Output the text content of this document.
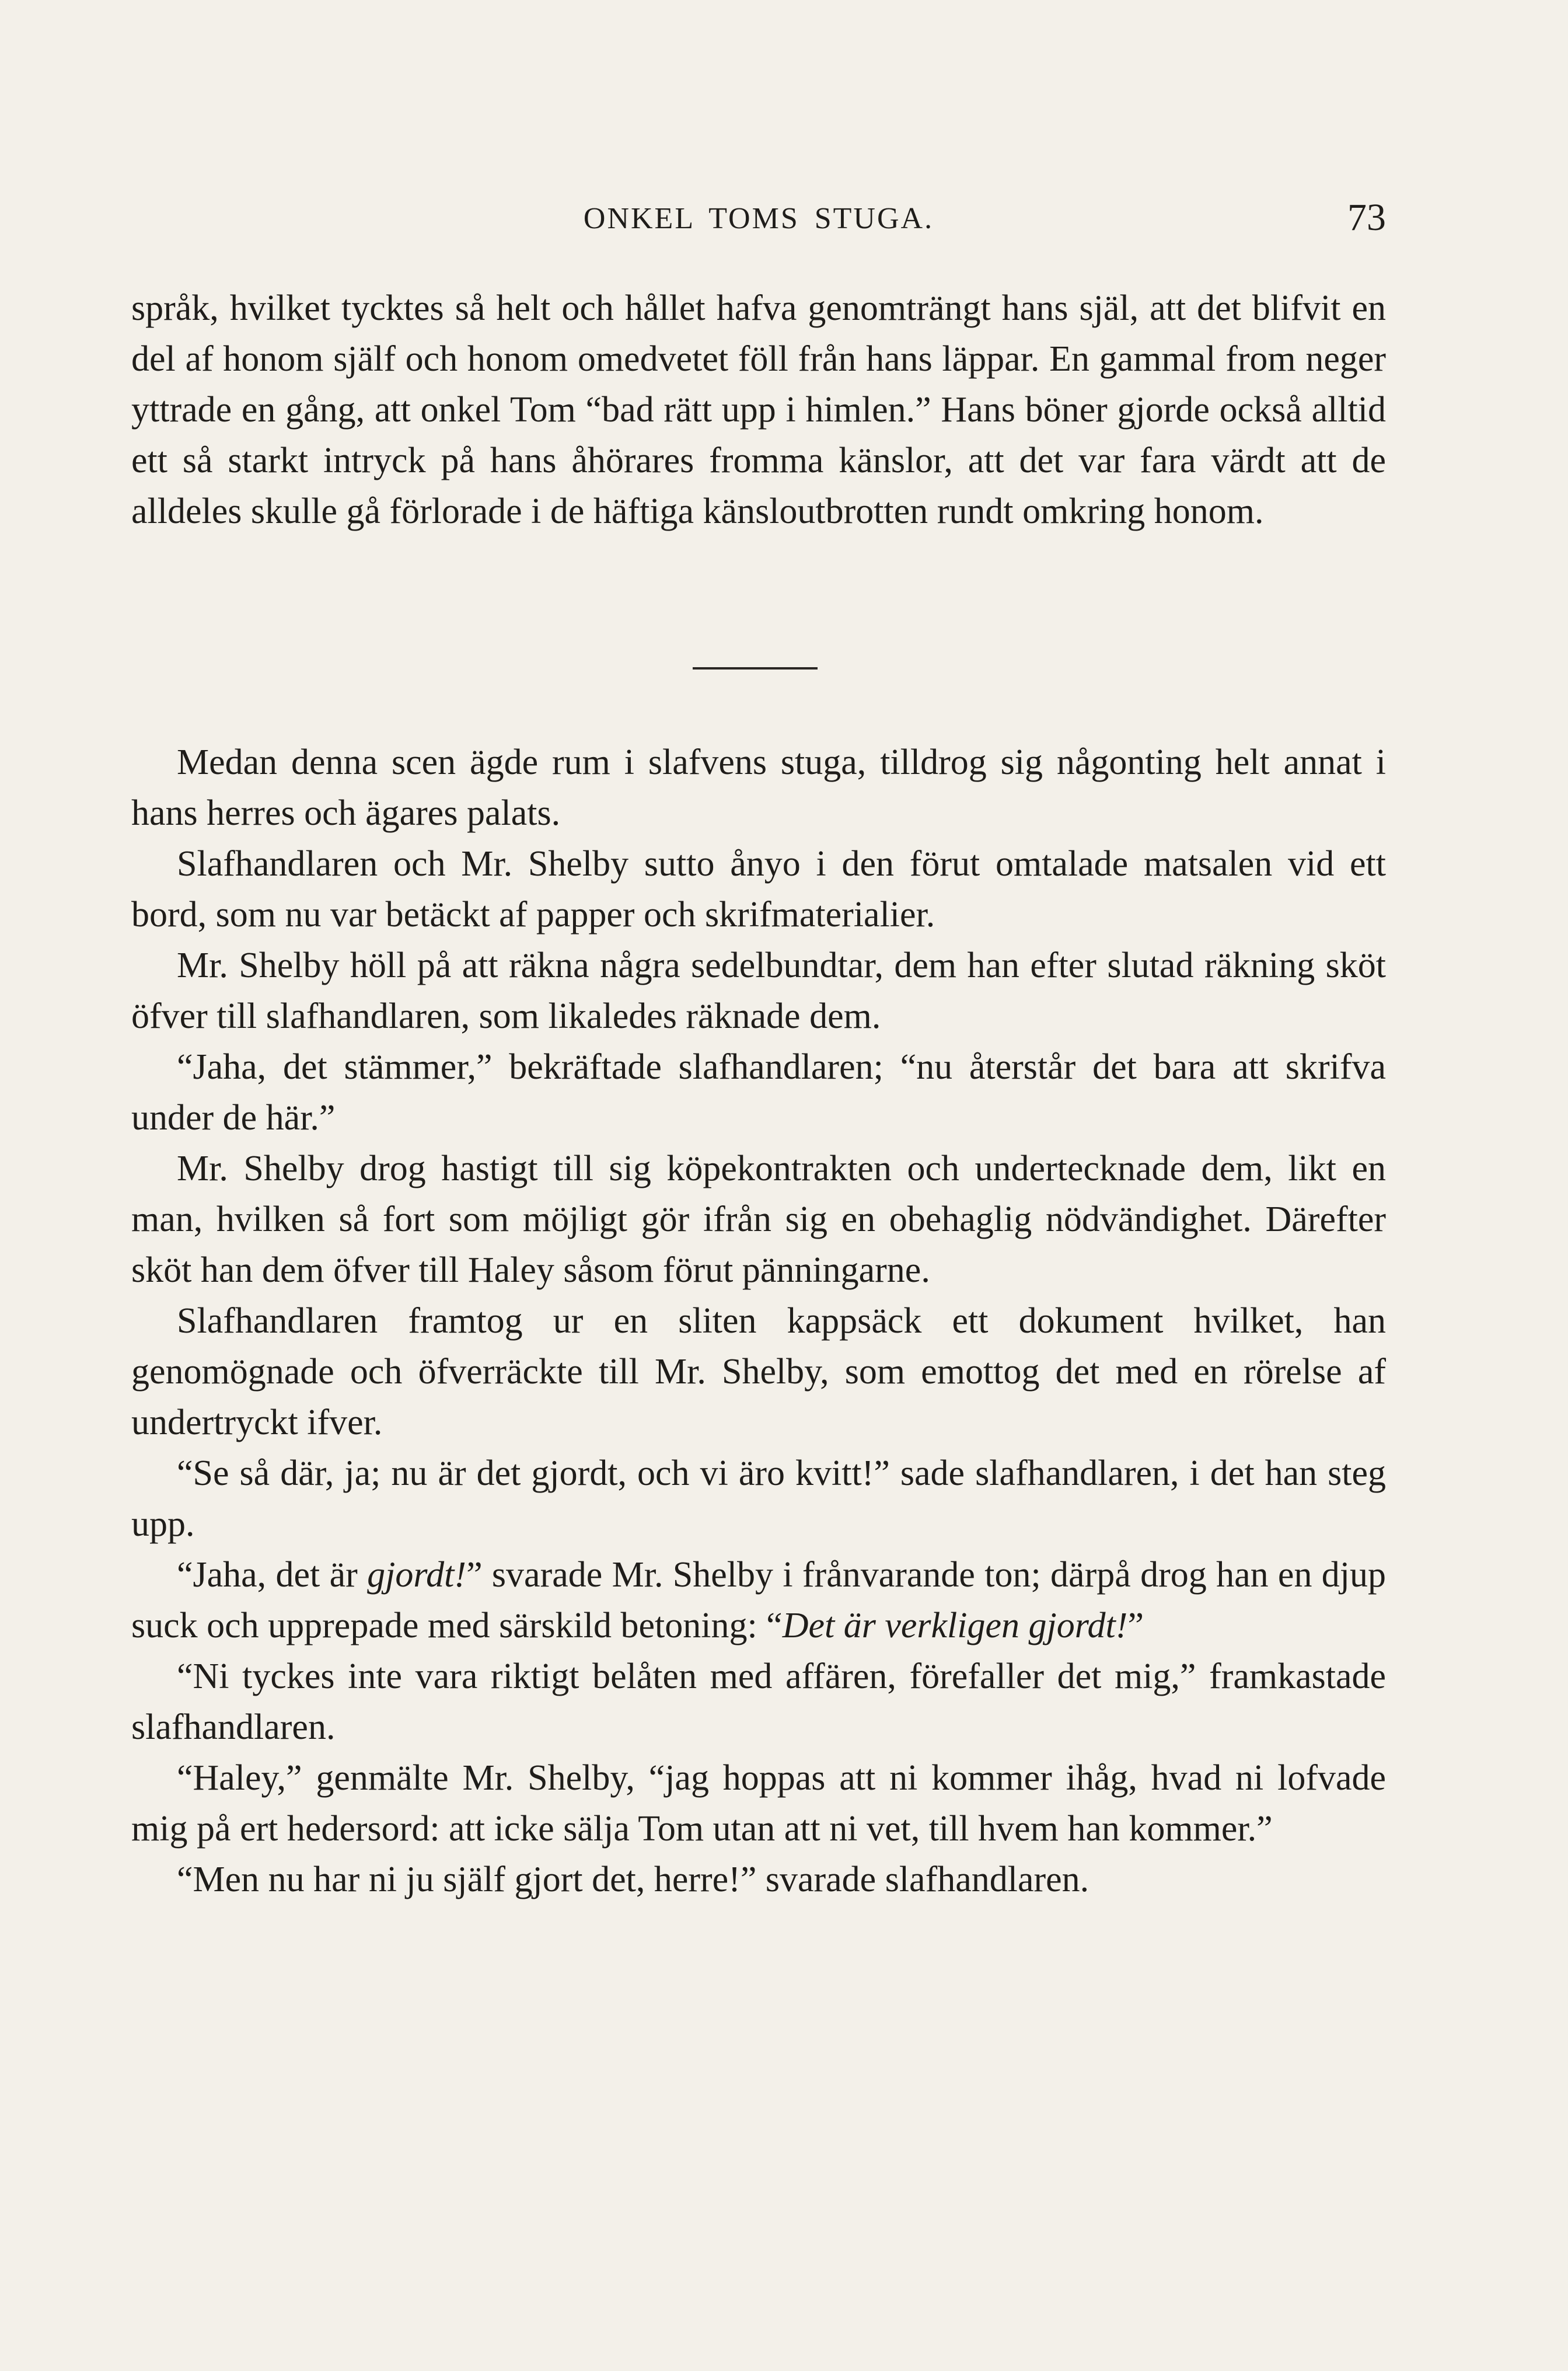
ONKEL TOMS STUGA.	73

språk, hvilket tycktes så helt och hållet hafva genomträngt hans själ, att det blifvit en del af honom själf och honom omedvetet föll från hans läppar. En gammal from neger yttrade en gång, att onkel Tom “bad rätt upp i himlen.” Hans böner gjorde också alltid ett så starkt intryck på hans åhörares fromma känslor, att det var fara värdt att de alldeles skulle gå förlorade i de häftiga känsloutbrotten rundt omkring honom.

Medan denna scen ägde rum i slafvens stuga, tilldrog sig någonting helt annat i hans herres och ägares palats.

Slafhandlaren och Mr. Shelby sutto ånyo i den förut omtalade matsalen vid ett bord, som nu var betäckt af papper och skrifmaterialier.

Mr. Shelby höll på att räkna några sedelbundtar, dem han efter slutad räkning sköt öfver till slafhandlaren, som likaledes räknade dem.

“Jaha, det stämmer,” bekräftade slafhandlaren; “nu återstår det bara att skrifva under de här.”

Mr. Shelby drog hastigt till sig köpekontrakten och undertecknade dem, likt en man, hvilken så fort som möjligt gör ifrån sig en obehaglig nödvändighet. Därefter sköt han dem öfver till Haley såsom förut pänningarne.

Slafhandlaren framtog ur en sliten kappsäck ett dokument hvilket, han genomögnade och öfverräckte till Mr. Shelby, som emottog det med en rörelse af undertryckt ifver.

“Se så där, ja; nu är det gjordt, och vi äro kvitt!” sade slafhandlaren, i det han steg upp.

“Jaha, det är gjordt!” svarade Mr. Shelby i frånvarande ton; därpå drog han en djup suck och upprepade med särskild betoning: “Det är verkligen gjordt!”

“Ni tyckes inte vara riktigt belåten med affären, förefaller det mig,” framkastade slafhandlaren.

“Haley,” genmälte Mr. Shelby, “jag hoppas att ni kommer ihåg, hvad ni lofvade mig på ert hedersord: att icke sälja Tom utan att ni vet, till hvem han kommer.”

“Men nu har ni ju själf gjort det, herre!” svarade slafhandlaren.
